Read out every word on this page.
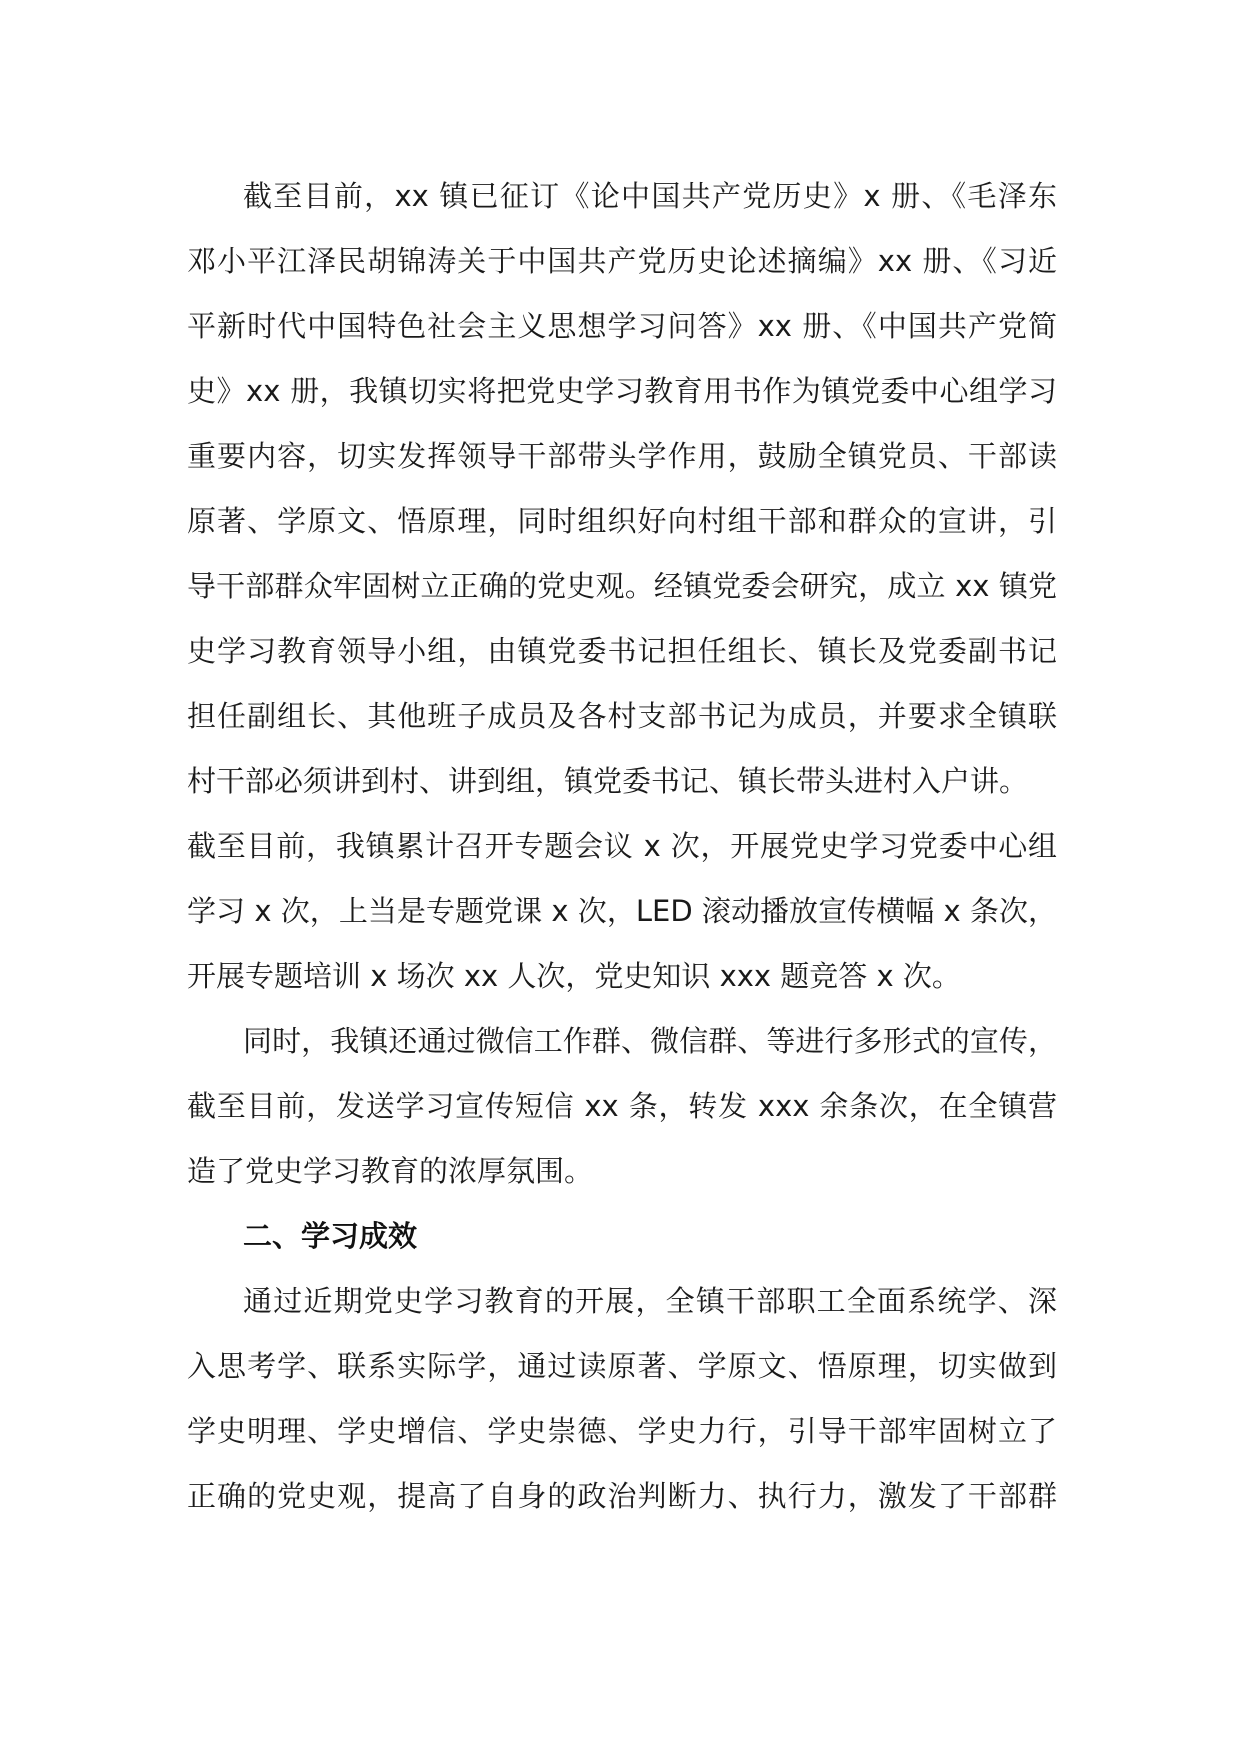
截至目前，xx 镇已征订《论中国共产党历史》x 册、《毛泽东
邓小平江泽民胡锦涛关于中国共产党历史论述摘编》xx 册、《习近
平新时代中国特色社会主义思想学习问答》xx 册、《中国共产党简
史》xx 册，我镇切实将把党史学习教育用书作为镇党委中心组学习
重要内容，切实发挥领导干部带头学作用，鼓励全镇党员、干部读
原著、学原文、悟原理，同时组织好向村组干部和群众的宣讲，引
导干部群众牢固树立正确的党史观。经镇党委会研究，成立 xx 镇党
史学习教育领导小组，由镇党委书记担任组长、镇长及党委副书记
担任副组长、其他班子成员及各村支部书记为成员，并要求全镇联
村干部必须讲到村、讲到组，镇党委书记、镇长带头进村入户讲。
截至目前，我镇累计召开专题会议 x 次，开展党史学习党委中心组
学习 x 次，上当是专题党课 x 次，LED 滚动播放宣传横幅 x 条次，
开展专题培训 x 场次 xx 人次，党史知识 xxx 题竞答 x 次。
同时，我镇还通过微信工作群、微信群、等进行多形式的宣传，
截至目前，发送学习宣传短信 xx 条，转发 xxx 余条次，在全镇营
造了党史学习教育的浓厚氛围。
二、学习成效
通过近期党史学习教育的开展，全镇干部职工全面系统学、深
入思考学、联系实际学，通过读原著、学原文、悟原理，切实做到
学史明理、学史增信、学史崇德、学史力行，引导干部牢固树立了
正确的党史观，提高了自身的政治判断力、执行力，激发了干部群
